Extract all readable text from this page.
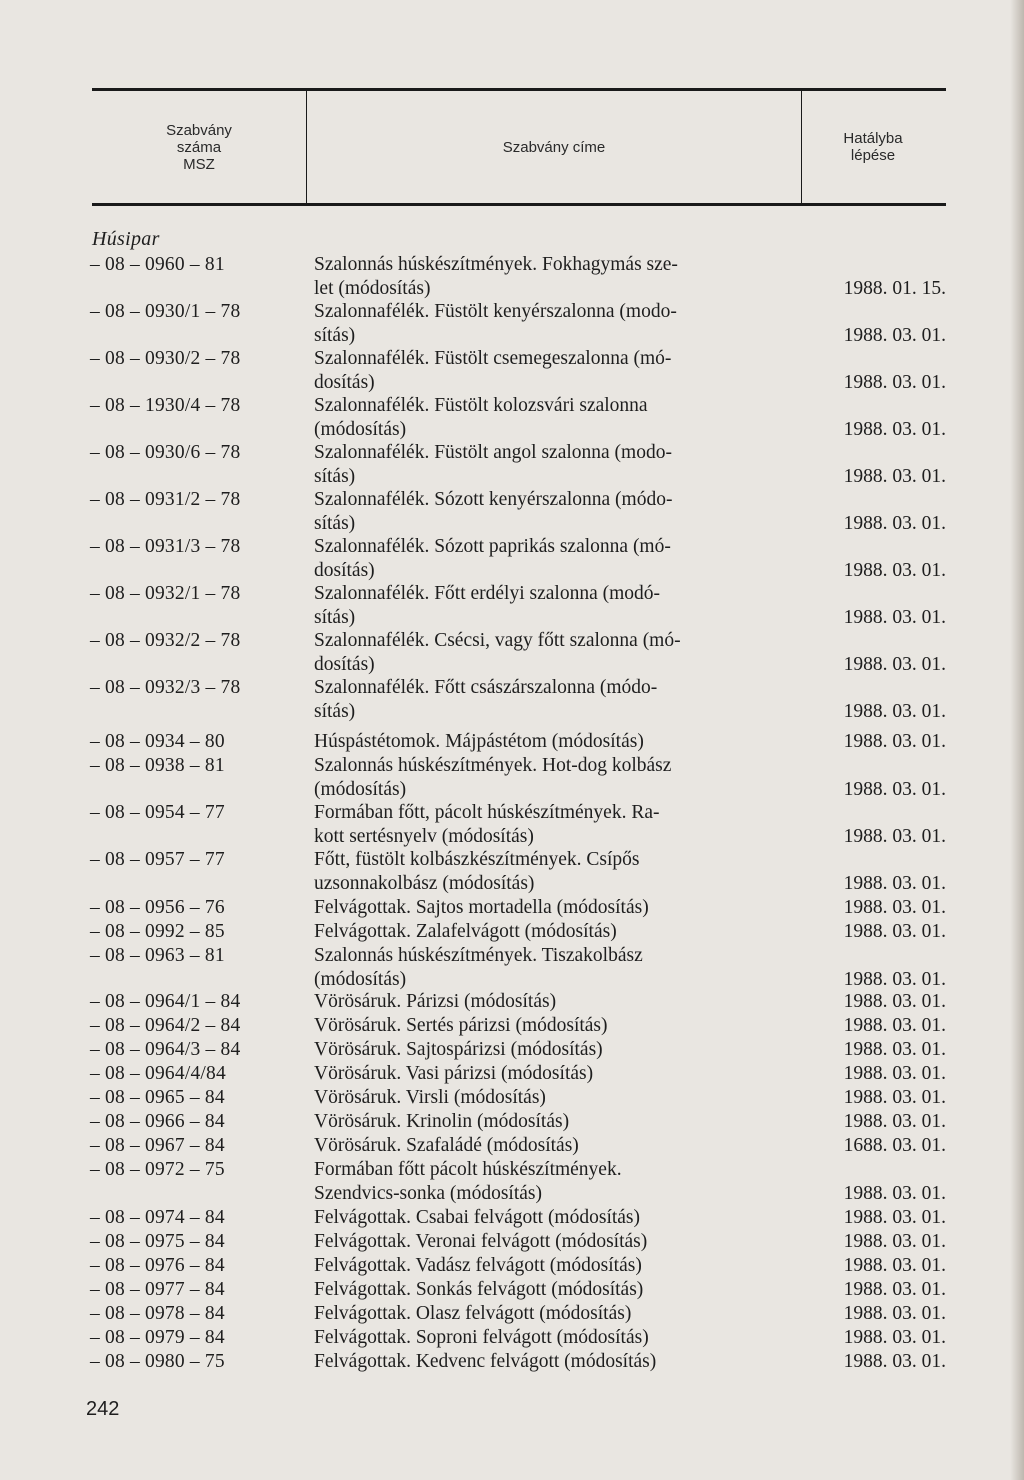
Szabvány
száma
MSZ
Szabvány címe	Hatályba
lépése
Húsipar
– 08 – 0960 – 81	Szalonnás húskészítmények. Fokhagymás sze-
let (módosítás)	1988. 01. 15.
– 08 – 0930/1 – 78	Szalonnafélék. Füstölt kenyérszalonna (modo-
sítás)	1988. 03. 01.
– 08 – 0930/2 – 78	Szalonnafélék. Füstölt csemegeszalonna (mó-
dosítás)	1988. 03. 01.
– 08 – 1930/4 – 78	Szalonnafélék. Füstölt kolozsvári szalonna
(módosítás)	1988. 03. 01.
– 08 – 0930/6 – 78	Szalonnafélék. Füstölt angol szalonna (modo-
sítás)	1988. 03. 01.
– 08 – 0931/2 – 78	Szalonnafélék. Sózott kenyérszalonna (módo-
sítás)	1988. 03. 01.
– 08 – 0931/3 – 78	Szalonnafélék. Sózott paprikás szalonna (mó-
dosítás)	1988. 03. 01.
– 08 – 0932/1 – 78	Szalonnafélék. Főtt erdélyi szalonna (modó-
sítás)	1988. 03. 01.
– 08 – 0932/2 – 78	Szalonnafélék. Csécsi, vagy főtt szalonna (mó-
dosítás)	1988. 03. 01.
– 08 – 0932/3 – 78	Szalonnafélék. Főtt császárszalonna (módo-
sítás)	1988. 03. 01.
– 08 – 0934 – 80	Húspástétomok. Májpástétom (módosítás)	1988. 03. 01.
– 08 – 0938 – 81	Szalonnás húskészítmények. Hot-dog kolbász
(módosítás)	1988. 03. 01.
– 08 – 0954 – 77	Formában főtt, pácolt húskészítmények. Ra-
kott sertésnyelv (módosítás)	1988. 03. 01.
– 08 – 0957 – 77	Főtt, füstölt kolbászkészítmények. Csípős
uzsonnakolbász (módosítás)	1988. 03. 01.
– 08 – 0956 – 76	Felvágottak. Sajtos mortadella (módosítás)	1988. 03. 01.
– 08 – 0992 – 85	Felvágottak. Zalafelvágott (módosítás)	1988. 03. 01.
– 08 – 0963 – 81	Szalonnás húskészítmények. Tiszakolbász
(módosítás)	1988. 03. 01.
– 08 – 0964/1 – 84	Vörösáruk. Párizsi (módosítás)	1988. 03. 01.
– 08 – 0964/2 – 84	Vörösáruk. Sertés párizsi (módosítás)	1988. 03. 01.
– 08 – 0964/3 – 84	Vörösáruk. Sajtospárizsi (módosítás)	1988. 03. 01.
– 08 – 0964/4/84	Vörösáruk. Vasi párizsi (módosítás)	1988. 03. 01.
– 08 – 0965 – 84	Vörösáruk. Virsli (módosítás)	1988. 03. 01.
– 08 – 0966 – 84	Vörösáruk. Krinolin (módosítás)	1988. 03. 01.
– 08 – 0967 – 84	Vörösáruk. Szafaládé (módosítás)	1688. 03. 01.
– 08 – 0972 – 75	Formában főtt pácolt húskészítmények.
Szendvics-sonka (módosítás)	1988. 03. 01.
– 08 – 0974 – 84	Felvágottak. Csabai felvágott (módosítás)	1988. 03. 01.
– 08 – 0975 – 84	Felvágottak. Veronai felvágott (módosítás)	1988. 03. 01.
– 08 – 0976 – 84	Felvágottak. Vadász felvágott (módosítás)	1988. 03. 01.
– 08 – 0977 – 84	Felvágottak. Sonkás felvágott (módosítás)	1988. 03. 01.
– 08 – 0978 – 84	Felvágottak. Olasz felvágott (módosítás)	1988. 03. 01.
– 08 – 0979 – 84	Felvágottak. Soproni felvágott (módosítás)	1988. 03. 01.
– 08 – 0980 – 75	Felvágottak. Kedvenc felvágott (módosítás)	1988. 03. 01.
242
